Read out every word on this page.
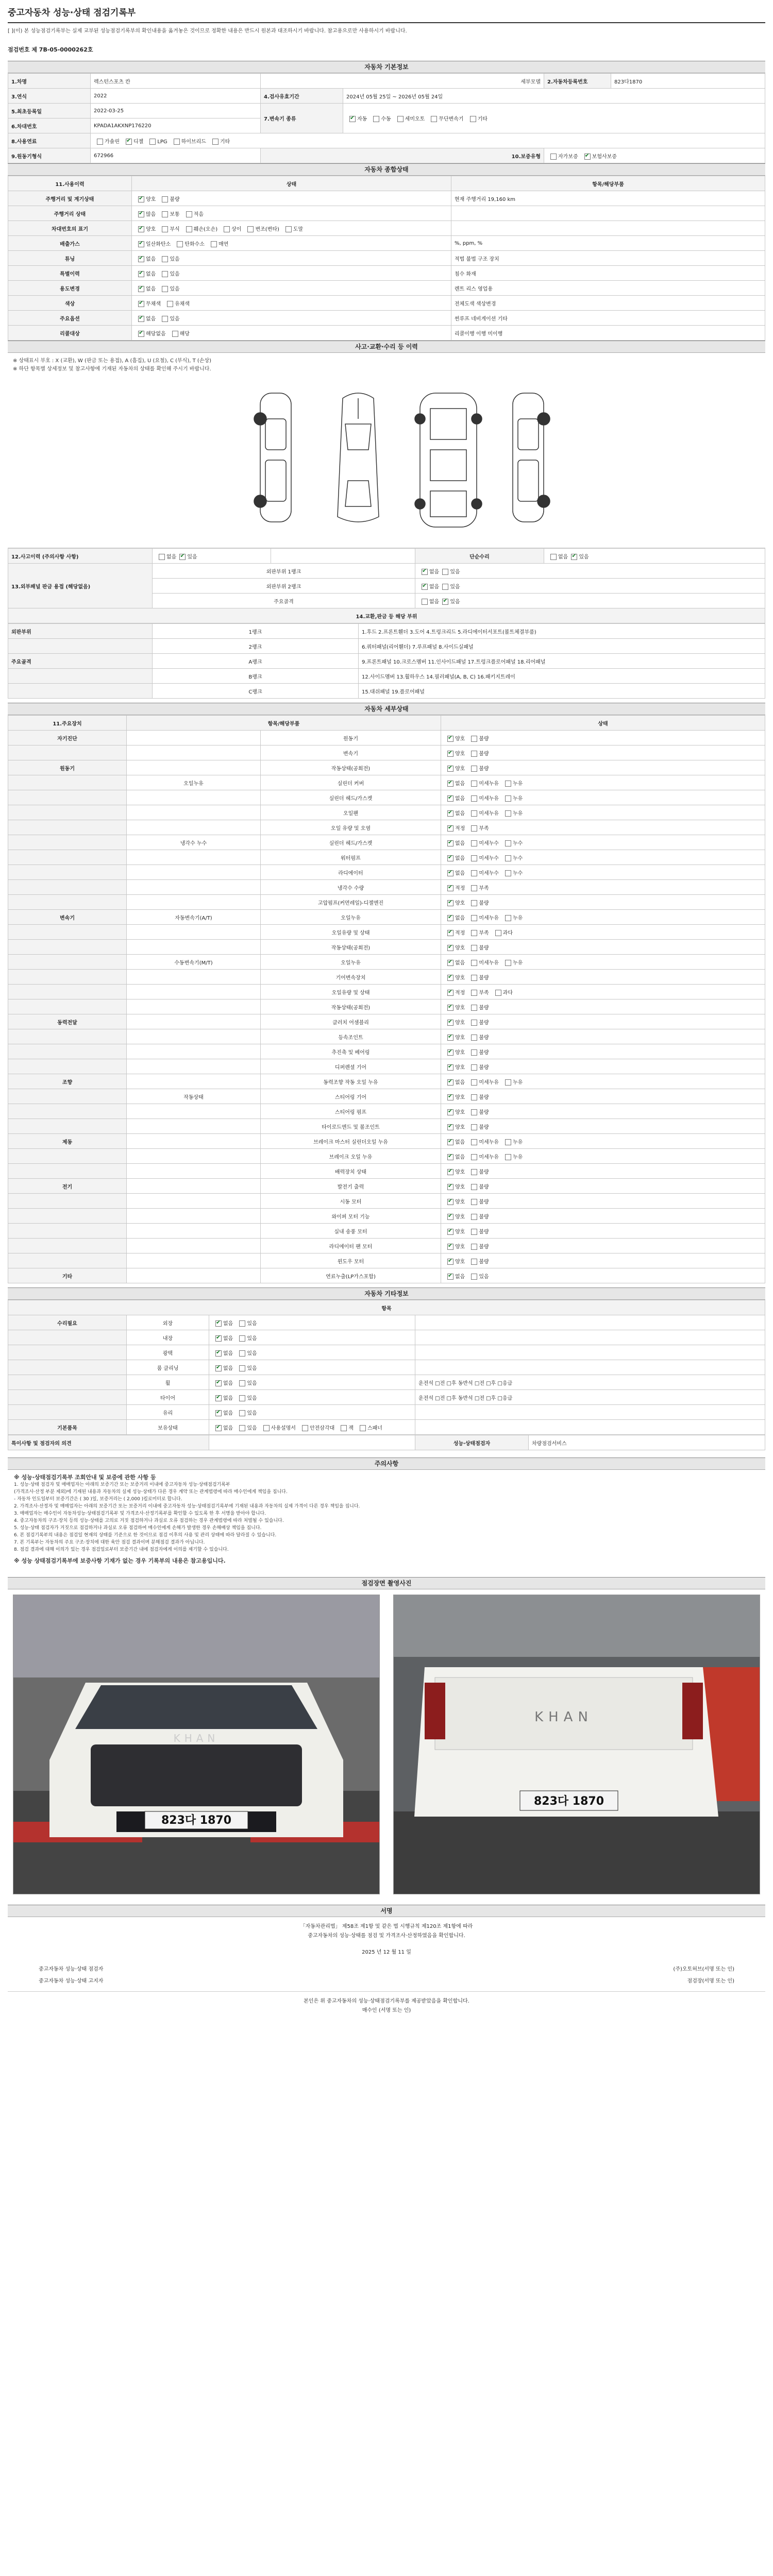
중고자동차 성능·상태 점검기록부
[ ](이) 본 성능점검기록부는 실제 교부된 성능점검기록부의 확인내용을 옮겨놓은 것이므로 정확한 내용은 반드시 원본과 대조하시기 바랍니다. 참고용으로만 사용하시기 바랍니다.
점검번호 제 7B-05-0000262호
자동차 기본정보
1.차명	렉스턴스포츠 칸	세부모델		2.자동차등록번호	823다1870
3.연식	2022	4.검사유효기간	2024년 05월 25일 ~ 2026년 05월 24일		
5.최초등록일	2022-03-25	7.변속기 종류	✔자동 수동 세미오토 무단변속기 기타
6.차대번호	KPADA1AKXNP176220				
8.사용연료	가솔린 ✔ 디젤 LPG 하이브리드 기타
9.원동기형식	672966	10.보증유형		자가보증 ✔ 보험사보증
자동차 종합상태
11.사용이력	상태	항목/해당부품
주행거리 및 계기상태	✔양호 불량	현재 주행거리 19,160 km
주행거리 상태	✔많음 보통 적음	
차대번호의 표기	✔양호 부식 훼손(오손) 상이 변조(변타) 도말	
배출가스	✔일산화탄소 탄화수소 매연	%, ppm, %
튜닝	✔없음 있음	적법 불법 구조 장치
특별이력	✔없음 있음	침수 화재
용도변경	✔없음 있음	렌트 리스 영업용
색상	✔무채색 유채색	전체도색 색상변경
주요옵션	✔없음 있음	썬루프 네비게이션 기타
리콜대상	✔해당없음 해당	리콜이행 이행 미이행
사고·교환·수리 등 이력
※ 상태표시 부호 : X (교환), W (판금 또는 용접), A (흠집), U (요철), C (부식), T (손상)
※ 하단 항목별 상세정보 및 참고사항에 기재된 자동차의 상태를 확인해 주시기 바랍니다.
12.사고이력 (주의사항 사항)	없음 ✔ 있음		단순수리	없음 ✔ 있음
13.외부패널 판금 용접 (해당없음)	외판부위 1랭크	✔없음 있음
	외판부위 2랭크	✔없음 있음
	주요골격		없음 ✔ 있음
14.교환,판금 등 해당 부위				
외판부위	1랭크	1.후드 2.프론트휀더 3.도어 4.트렁크리드 5.라디에이터서포트(볼트체결부품)
	2랭크	6.쿼터패널(리어휀더) 7.루프패널 8.사이드실패널
주요골격	A랭크	9.프론트패널 10.크로스멤버 11.인사이드패널 17.트렁크플로어패널 18.리어패널
	B랭크	12.사이드멤버 13.휠하우스 14.필러패널(A, B, C) 16.패키지트레이
	C랭크	15.대쉬패널 19.플로어패널
자동차 세부상태
11.주요장치	항목/해당부품		상태
자기진단		원동기	✔양호 불량
		변속기	✔양호 불량
원동기		작동상태(공회전)	✔양호 불량
	오일누유	실린더 커버	✔없음 미세누유 누유
		실린더 헤드/가스켓	✔없음 미세누유 누유
		오일팬	✔없음 미세누유 누유
		오일 유량 및 오염	✔적정 부족
	냉각수 누수	실린더 헤드/가스켓	✔없음 미세누수 누수
		워터펌프	✔없음 미세누수 누수
		라디에이터	✔없음 미세누수 누수
		냉각수 수량	✔적정 부족
		고압펌프(커먼레일)-디젤엔진	✔양호 불량
변속기	자동변속기(A/T)	오일누유	✔없음 미세누유 누유
		오일유량 및 상태	✔적정 부족 과다
		작동상태(공회전)	✔양호 불량
	수동변속기(M/T)	오일누유	✔없음 미세누유 누유
		기어변속장치	✔양호 불량
		오일유량 및 상태	✔적정 부족 과다
		작동상태(공회전)	✔양호 불량
동력전달		클러치 어셈블리	✔양호 불량
		등속조인트	✔양호 불량
		추진축 및 베어링	✔양호 불량
		디퍼렌셜 기어	✔양호 불량
조향		동력조향 작동 오일 누유	✔없음 미세누유 누유
	작동상태	스티어링 기어	✔양호 불량
		스티어링 펌프	✔양호 불량
		타이로드엔드 및 볼조인트	✔양호 불량
제동		브레이크 마스터 실린더오일 누유	✔없음 미세누유 누유
		브레이크 오일 누유	✔없음 미세누유 누유
		배력장치 상태	✔양호 불량
전기		발전기 출력	✔양호 불량
		시동 모터	✔양호 불량
		와이퍼 모터 기능	✔양호 불량
		실내 송풍 모터	✔양호 불량
		라디에이터 팬 모터	✔양호 불량
		윈도우 모터	✔양호 불량
기타		연료누출(LP가스포함)	✔없음 있음
자동차 기타정보
항목			
수리필요	외장	✔없음 있음	
	내장	✔없음 있음	
	광택	✔없음 있음	
	룸 클리닝	✔없음 있음	
	휠	✔없음 있음	운전석 □전 □후 동반석 □전 □후 □응급
	타이어	✔없음 있음	운전석 □전 □후 동반석 □전 □후 □응급
	유리	✔없음 있음	
기본품목	보유상태	✔없음 있음 사용설명서 안전삼각대 잭 스패너	
특이사항 및 점검자의 의견		성능·상태점검자	차량점검서비스
주의사항
※ 성능·상태점검기록부 조회안내 및 보증에 관한 사항 등
1. 성능·상태 점검자 및 매매업자는 아래의 보증기간 또는 보증거리 이내에 중고자동차 성능·상태점검기록부
(가격조사·산정 부분 제외)에 기재된 내용과 자동차의 실제 성능·상태가 다른 경우 계약 또는 관계법령에 따라 매수인에게 책임을 집니다.
- 자동차 인도일부터 보증기간은 ( 30 )일, 보증거리는 ( 2,000 )킬로미터로 합니다.
2. 가격조사·산정자 및 매매업자는 아래의 보증기간 또는 보증거리 이내에 중고자동차 성능·상태점검기록부에 기재된 내용과 자동차의 실제 가격이 다른 경우 책임을 집니다.
3. 매매업자는 매수인이 자동차성능·상태점검기록부 및 가격조사·산정기록부를 확인할 수 있도록 한 후 서명을 받아야 합니다.
4. 중고자동차의 구조·장치 등의 성능·상태를 고의로 거짓 점검하거나 과실로 오류 점검하는 경우 관계법령에 따라 처벌될 수 있습니다.
5. 성능·상태 점검자가 거짓으로 점검하거나 과실로 오류 점검하여 매수인에게 손해가 발생한 경우 손해배상 책임을 집니다.
6. 본 점검기록부의 내용은 점검일 현재의 상태를 기준으로 한 것이므로 점검 이후의 사용 및 관리 상태에 따라 달라질 수 있습니다.
7. 본 기록부는 자동차의 주요 구조·장치에 대한 육안 점검 결과이며 분해점검 결과가 아닙니다.
8. 점검 결과에 대해 이의가 있는 경우 점검일로부터 보증기간 내에 점검자에게 이의를 제기할 수 있습니다.
※ 성능 상태점검기록부에 보증사항 기재가 없는 경우 기록부의 내용은 참고용입니다.
점검장면 촬영사진
823다 1870
KHAN
823다 1870
KHAN
서명
「자동차관리법」 제58조 제1항 및 같은 법 시행규칙 제120조 제1항에 따라
중고자동차의 성능·상태를 점검 및 가격조사·산정하였음을 확인합니다.
2025 년 12 월 11 일
중고자동차 성능·상태 점검자	(주)오토허브(서명 또는 인)
중고자동차 성능·상태 고지자	점검장(서명 또는 인)
본인은 위 중고자동차의 성능·상태점검기록부를 제공받았음을 확인합니다.
매수인 (서명 또는 인)
